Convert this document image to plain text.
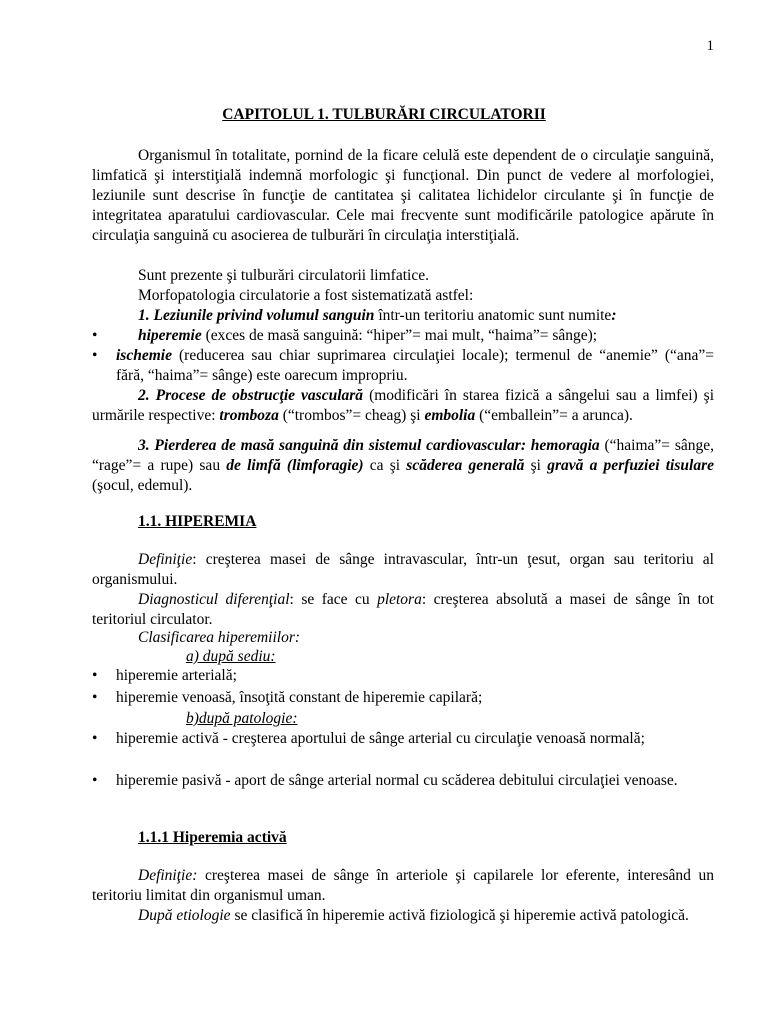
1
CAPITOLUL 1. TULBURĂRI CIRCULATORII
Organismul în totalitate, pornind de la ficare celulă este dependent de o circulaţie sanguină, limfatică şi interstiţială indemnă morfologic şi funcţional. Din punct de vedere al morfologiei, leziunile sunt descrise în funcţie de cantitatea şi calitatea lichidelor circulante şi în funcţie de integritatea aparatului cardiovascular. Cele mai frecvente sunt modificările patologice apărute în circulaţia sanguină cu asocierea de tulburări în circulaţia interstiţială.
Sunt prezente şi tulburări circulatorii limfatice.
Morfopatologia circulatorie a fost sistematizată astfel:
1. Leziunile privind volumul sanguin într-un teritoriu anatomic sunt numite:
•	hiperemie (exces de masă sanguină: “hiper”= mai mult, “haima”= sânge);
• ischemie (reducerea sau chiar suprimarea circulaţiei locale); termenul de “anemie” (“ana”= fără, “haima”= sânge) este oarecum impropriu.
2. Procese de obstrucţie vasculară (modificări în starea fizică a sângelui sau a limfei) şi urmările respective: tromboza (“trombos”= cheag) şi embolia (“emballein”= a arunca).
3. Pierderea de masă sanguină din sistemul cardiovascular: hemoragia (“haima”= sânge, “rage”= a rupe) sau de limfă (limforagie) ca şi scăderea generală şi gravă a perfuziei tisulare (şocul, edemul).
1.1. HIPEREMIA
Definiţie: creşterea masei de sânge intravascular, într-un ţesut, organ sau teritoriu al organismului.
Diagnosticul diferenţial: se face cu pletora: creşterea absolută a masei de sânge în tot teritoriul circulator.
Clasificarea hiperemiilor:
a) după sediu:
• hiperemie arterială;
• hiperemie venoasă, însoţită constant de hiperemie capilară;
b)după patologie:
• hiperemie activă - creşterea aportului de sânge arterial cu circulaţie venoasă normală;
• hiperemie pasivă - aport de sânge arterial normal cu scăderea debitului circulaţiei venoase.
1.1.1 Hiperemia activă
Definiţie: creşterea masei de sânge în arteriole şi capilarele lor eferente, interesând un teritoriu limitat din organismul uman.
După etiologie se clasifică în hiperemie activă fiziologică şi hiperemie activă patologică.
